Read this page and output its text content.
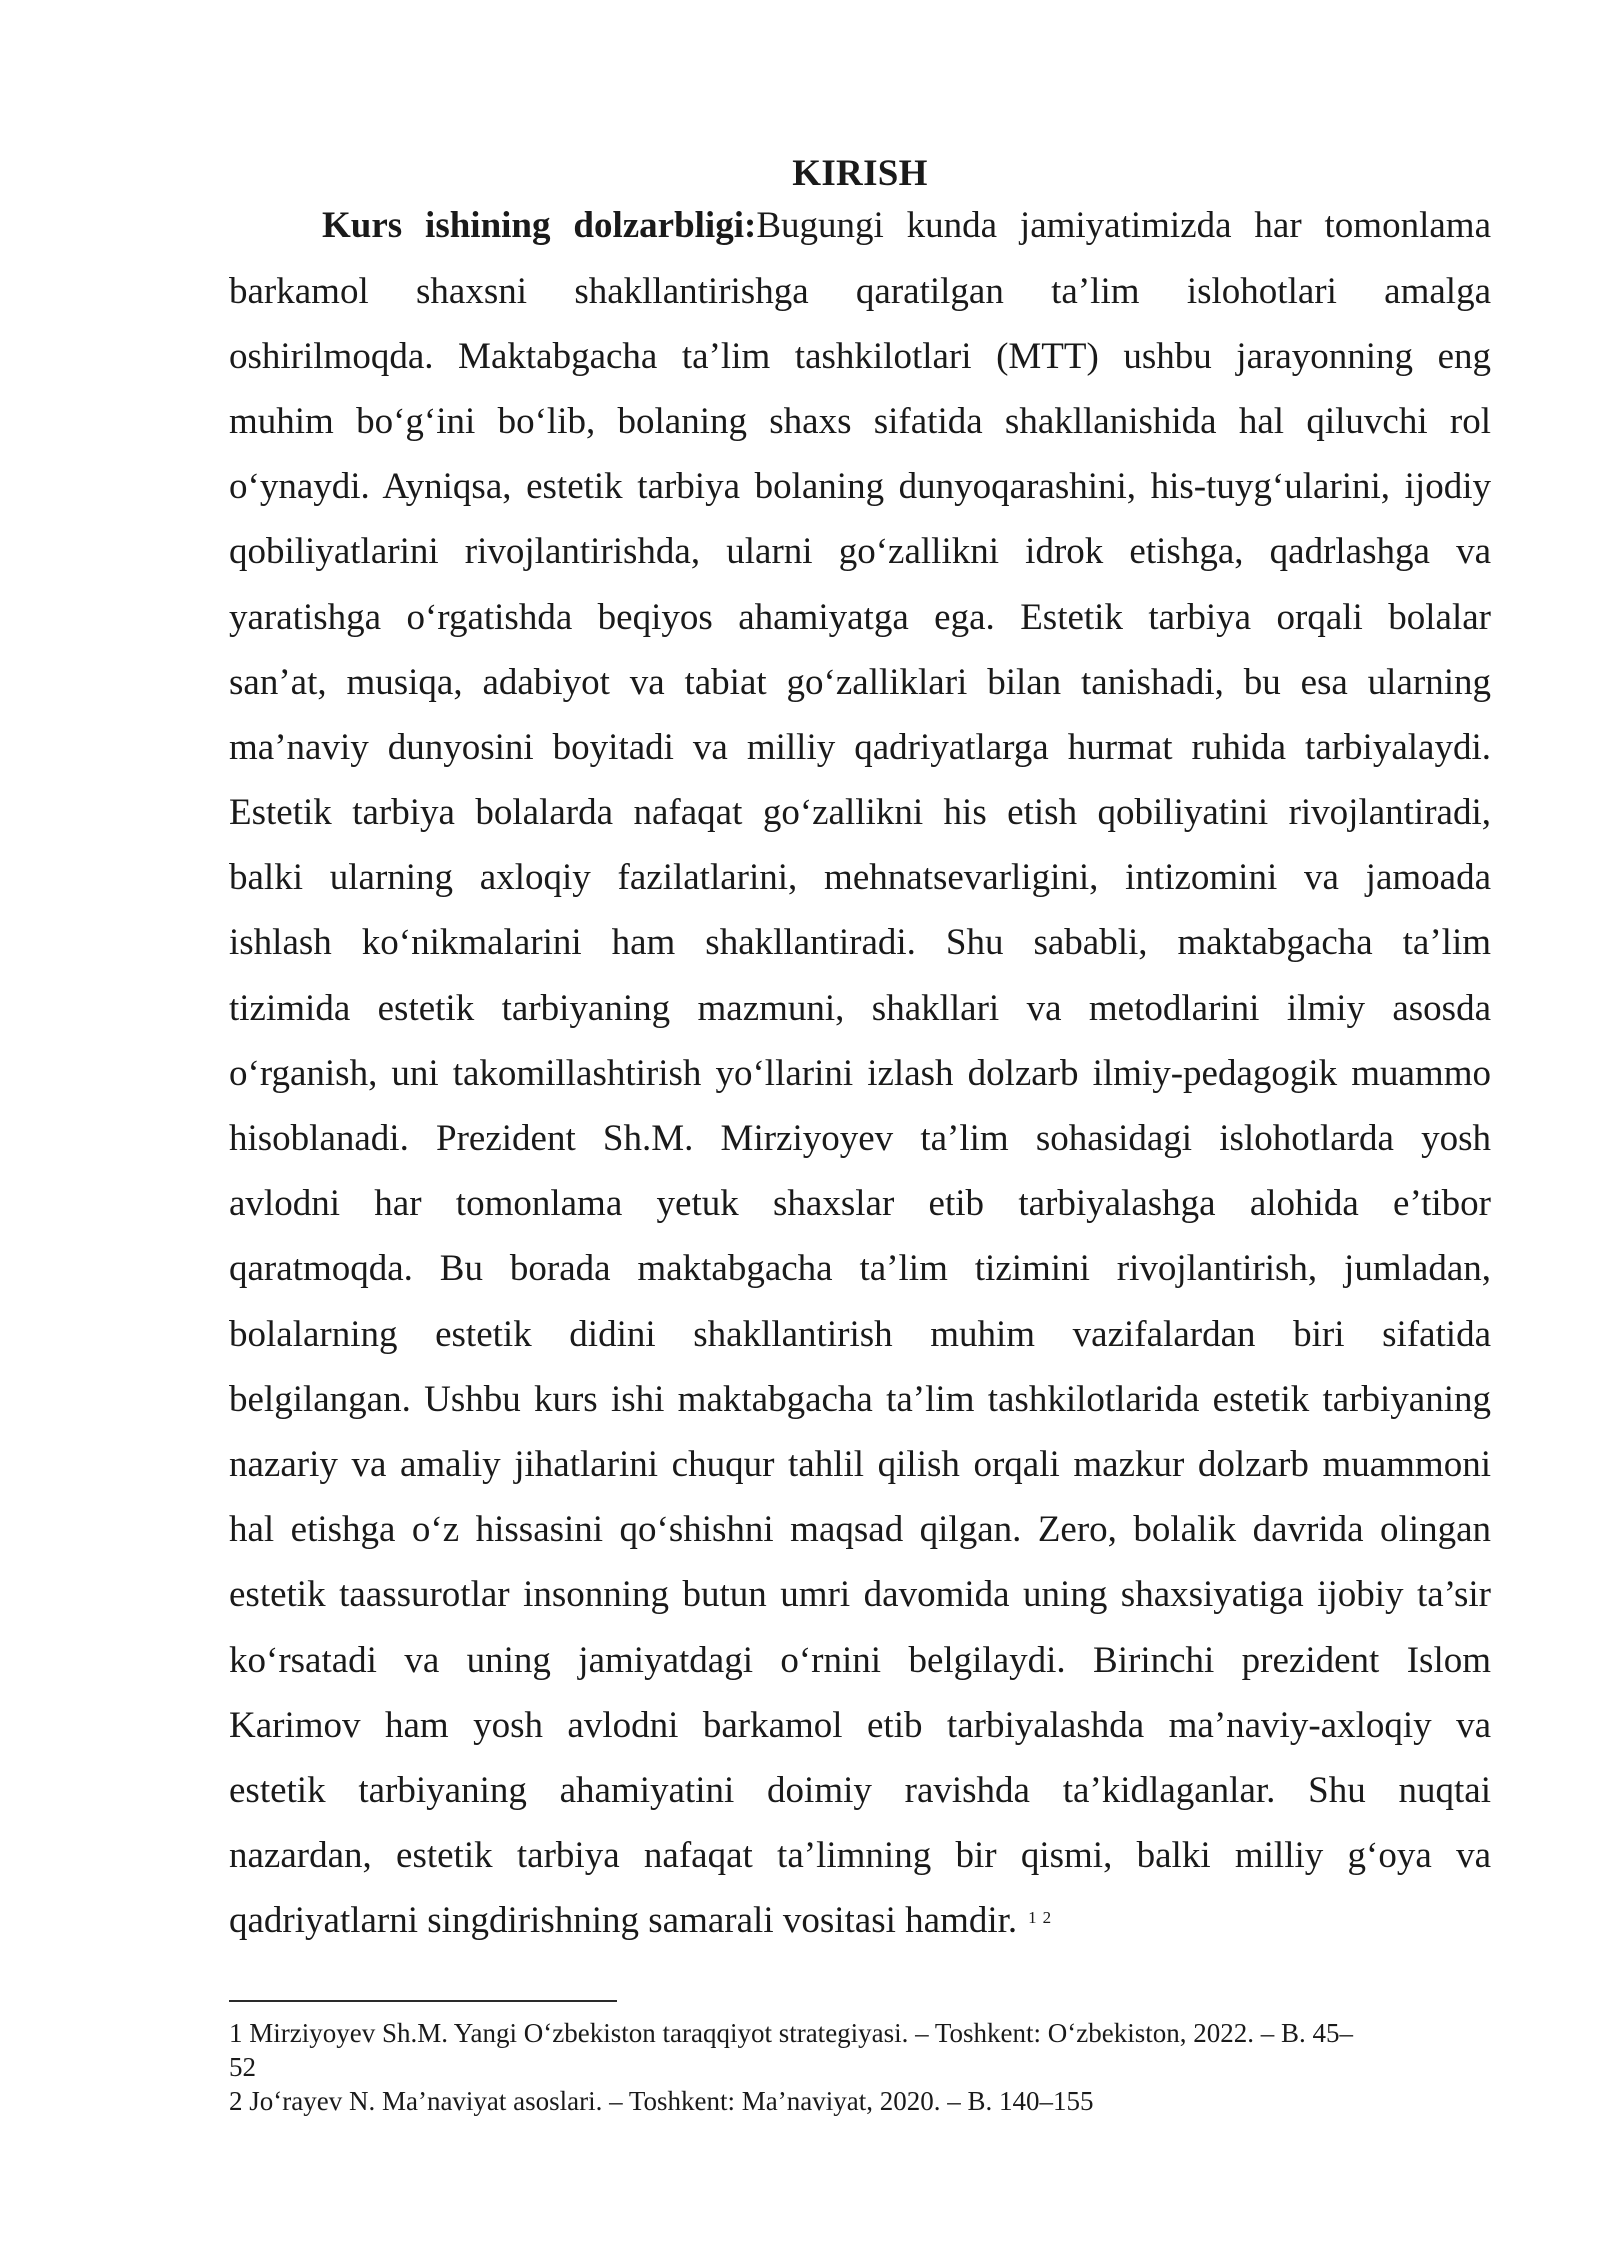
KIRISH
Kurs ishining dolzarbligi:Bugungi kunda jamiyatimizda har tomonlama
barkamol shaxsni shakllantirishga qaratilgan ta’lim islohotlari amalga
oshirilmoqda. Maktabgacha ta’lim tashkilotlari (MTT) ushbu jarayonning eng
muhim bo‘g‘ini bo‘lib, bolaning shaxs sifatida shakllanishida hal qiluvchi rol
o‘ynaydi. Ayniqsa, estetik tarbiya bolaning dunyoqarashini, his-tuyg‘ularini, ijodiy
qobiliyatlarini rivojlantirishda, ularni go‘zallikni idrok etishga, qadrlashga va
yaratishga o‘rgatishda beqiyos ahamiyatga ega. Estetik tarbiya orqali bolalar
san’at, musiqa, adabiyot va tabiat go‘zalliklari bilan tanishadi, bu esa ularning
ma’naviy dunyosini boyitadi va milliy qadriyatlarga hurmat ruhida tarbiyalaydi.
Estetik tarbiya bolalarda nafaqat go‘zallikni his etish qobiliyatini rivojlantiradi,
balki ularning axloqiy fazilatlarini, mehnatsevarligini, intizomini va jamoada
ishlash ko‘nikmalarini ham shakllantiradi. Shu sababli, maktabgacha ta’lim
tizimida estetik tarbiyaning mazmuni, shakllari va metodlarini ilmiy asosda
o‘rganish, uni takomillashtirish yo‘llarini izlash dolzarb ilmiy-pedagogik muammo
hisoblanadi. Prezident Sh.M. Mirziyoyev ta’lim sohasidagi islohotlarda yosh
avlodni har tomonlama yetuk shaxslar etib tarbiyalashga alohida e’tibor
qaratmoqda. Bu borada maktabgacha ta’lim tizimini rivojlantirish, jumladan,
bolalarning estetik didini shakllantirish muhim vazifalardan biri sifatida
belgilangan. Ushbu kurs ishi maktabgacha ta’lim tashkilotlarida estetik tarbiyaning
nazariy va amaliy jihatlarini chuqur tahlil qilish orqali mazkur dolzarb muammoni
hal etishga o‘z hissasini qo‘shishni maqsad qilgan. Zero, bolalik davrida olingan
estetik taassurotlar insonning butun umri davomida uning shaxsiyatiga ijobiy ta’sir
ko‘rsatadi va uning jamiyatdagi o‘rnini belgilaydi. Birinchi prezident Islom
Karimov ham yosh avlodni barkamol etib tarbiyalashda ma’naviy-axloqiy va
estetik tarbiyaning ahamiyatini doimiy ravishda ta’kidlaganlar. Shu nuqtai
nazardan, estetik tarbiya nafaqat ta’limning bir qismi, balki milliy g‘oya va
qadriyatlarni singdirishning samarali vositasi hamdir. $^1$ $^2$
1 Mirziyoyev Sh.M. Yangi O‘zbekiston taraqqiyot strategiyasi. – Toshkent: O‘zbekiston, 2022. – B. 45–
52
2 Jo‘rayev N. Ma’naviyat asoslari. – Toshkent: Ma’naviyat, 2020. – B. 140–155
